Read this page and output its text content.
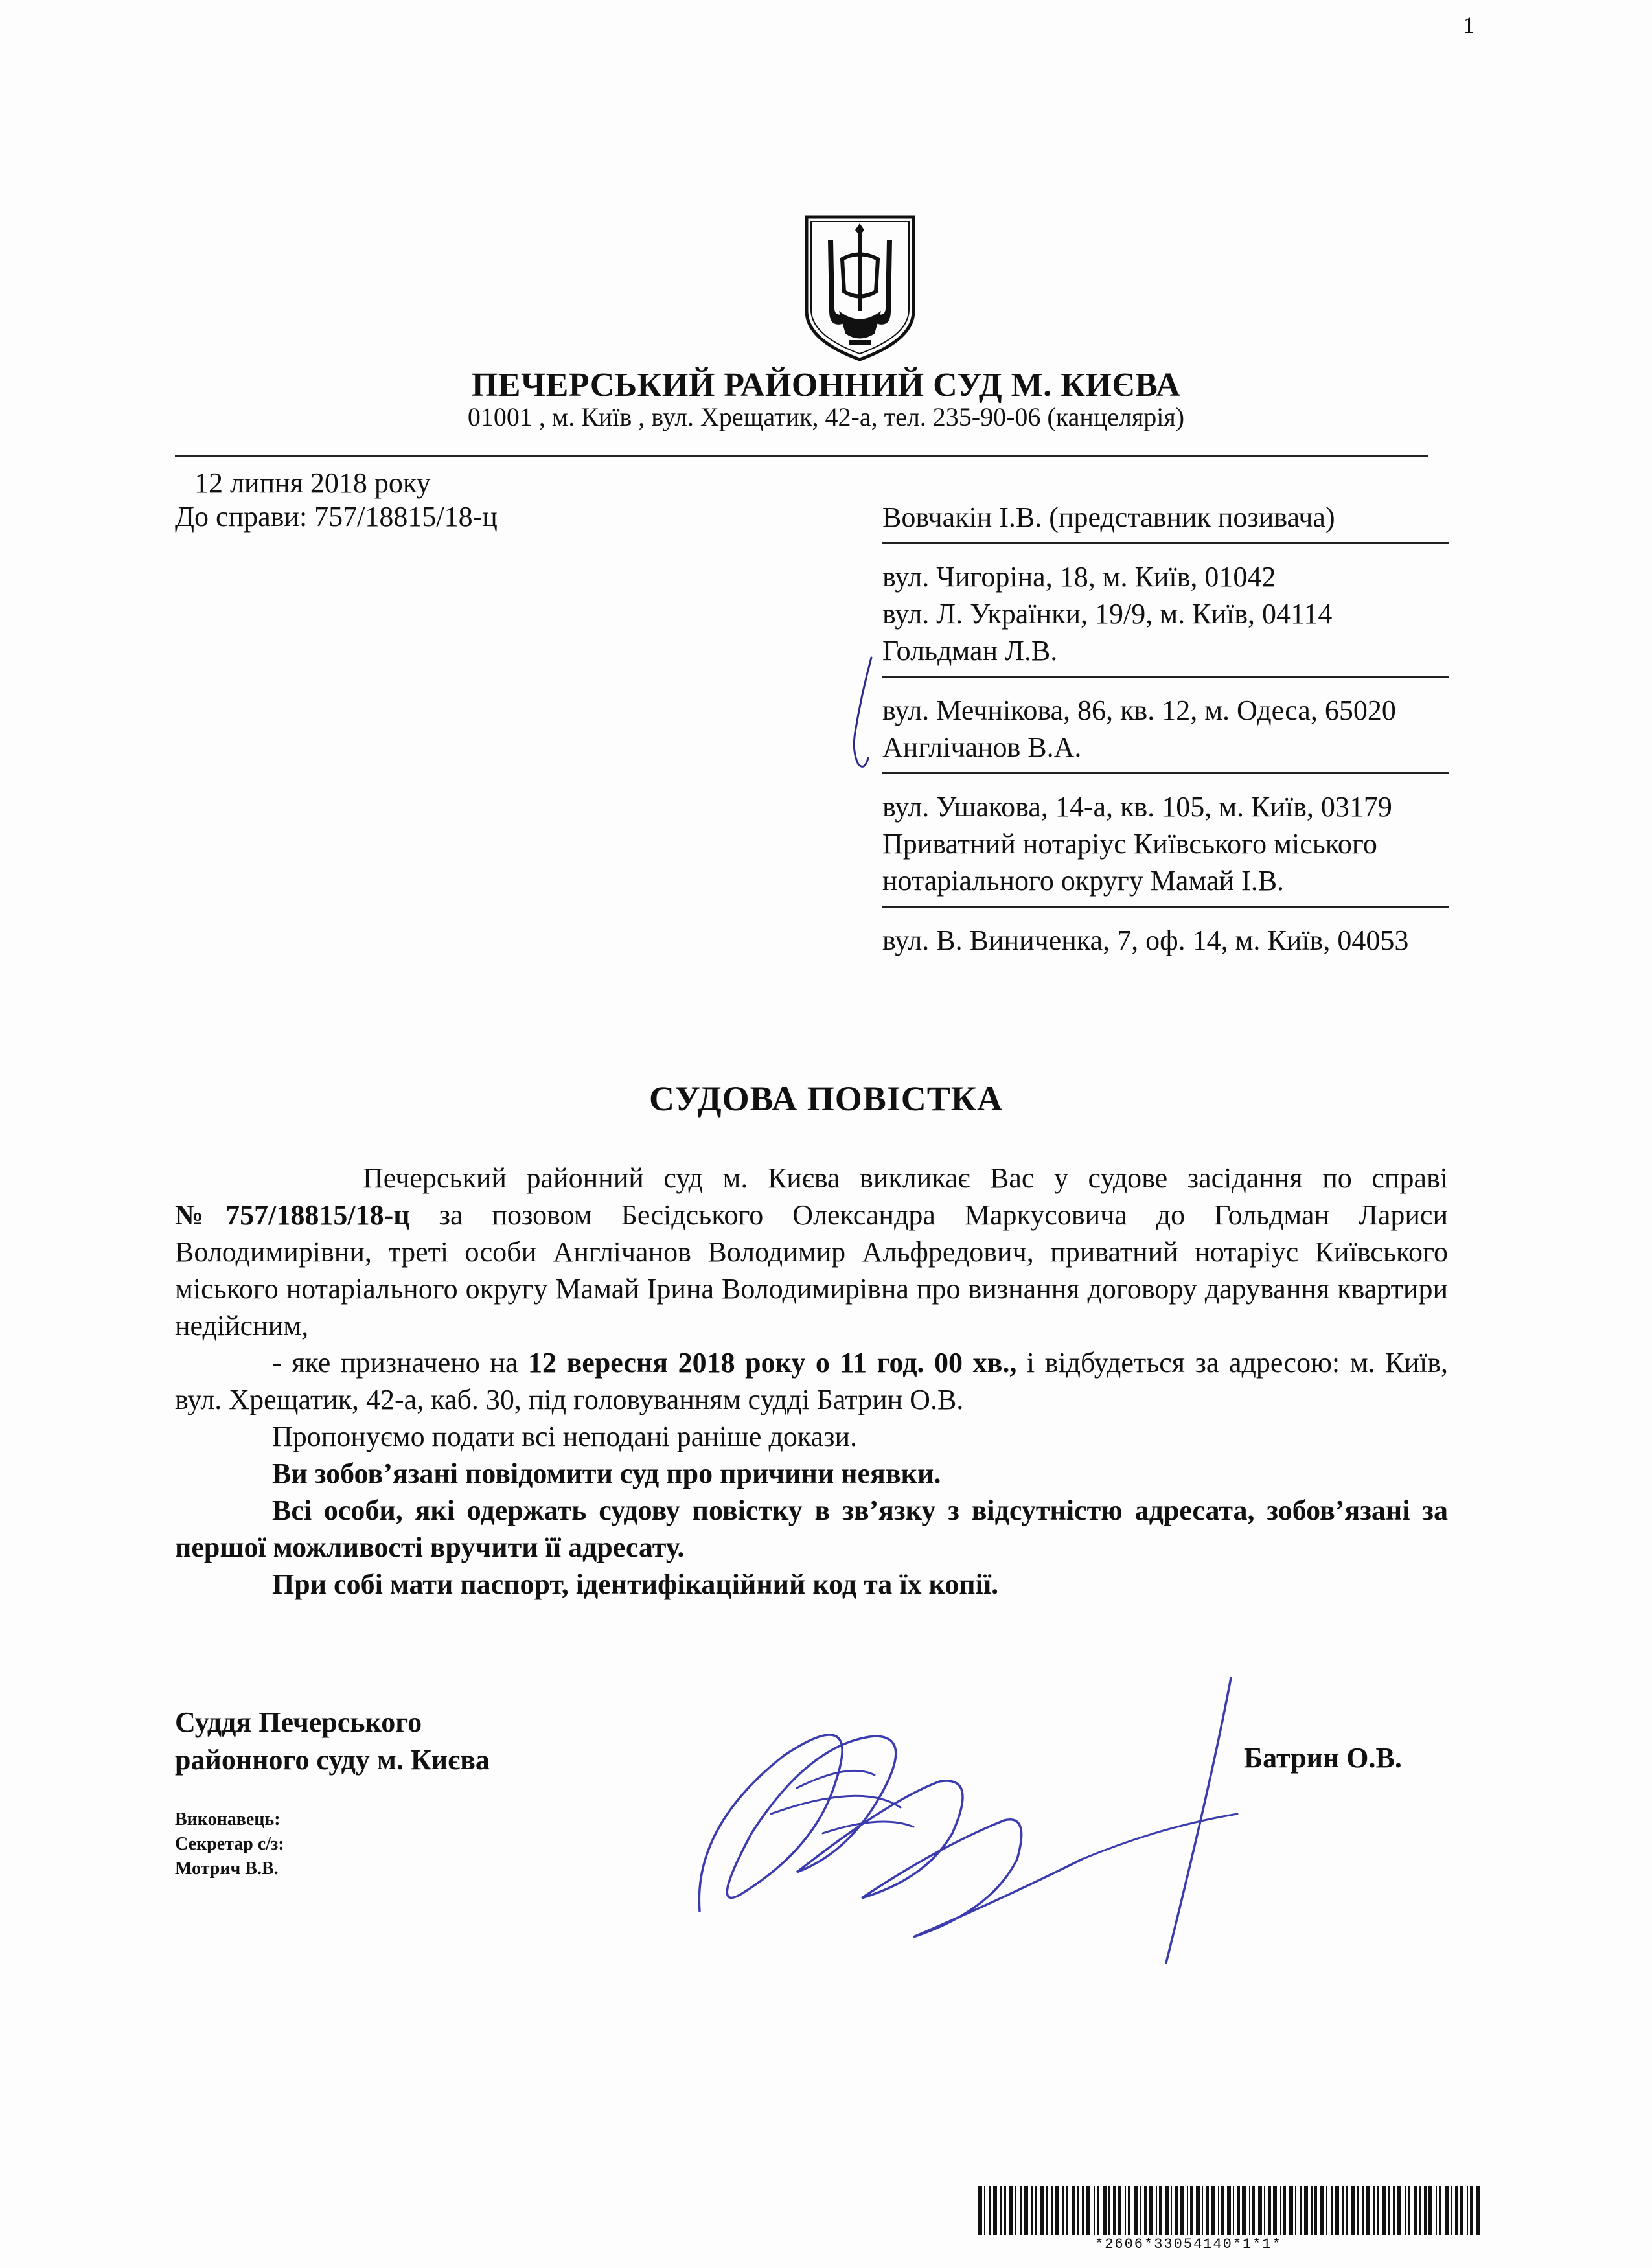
1
ПЕЧЕРСЬКИЙ РАЙОННИЙ СУД М. КИЄВА
01001 , м. Київ , вул. Хрещатик, 42-а, тел. 235-90-06 (канцелярія)
12 липня 2018 року
До справи: 757/18815/18-ц	Вовчакін І.В. (представник позивача)
вул. Чигоріна, 18, м. Київ, 01042
вул. Л. Українки, 19/9, м. Київ, 04114
Гольдман Л.В.
вул. Мечнікова, 86, кв. 12, м. Одеса, 65020
Англічанов В.А.
вул. Ушакова, 14-а, кв. 105, м. Київ, 03179
Приватний нотаріус Київського міського
нотаріального округу Мамай І.В.
вул. В. Виниченка, 7, оф. 14, м. Київ, 04053
СУДОВА ПОВІСТКА

Печерський районний суд м. Києва викликає Вас у судове засідання по справі №757/18815/18-ц за позовом Бесідського Олександра Маркусовича до Гольдман Лариси Володимирівни, треті особи Англічанов Володимир Альфредович, приватний нотаріус Київського міського нотаріального округу Мамай Ірина Володимирівна про визнання договору дарування квартири недійсним,

- яке призначено на 12 вересня 2018 року о 11 год. 00 хв., і відбудеться за адресою: м. Київ, вул. Хрещатик, 42-а, каб. 30, під головуванням судді Батрин О.В.

Пропонуємо подати всі неподані раніше докази.

Ви зобов’язані повідомити суд про причини неявки.

Всі особи, які одержать судову повістку в зв’язку з відсутністю адресата, зобов’язані за першої можливості вручити її адресату.

При собі мати паспорт, ідентифікаційний код та їх копії.

Суддя Печерського
районного суду м. Києва	Батрин О.В.
Виконавець:
Секретар с/з:
Мотрич В.В.
*2606*33054140*1*1*
